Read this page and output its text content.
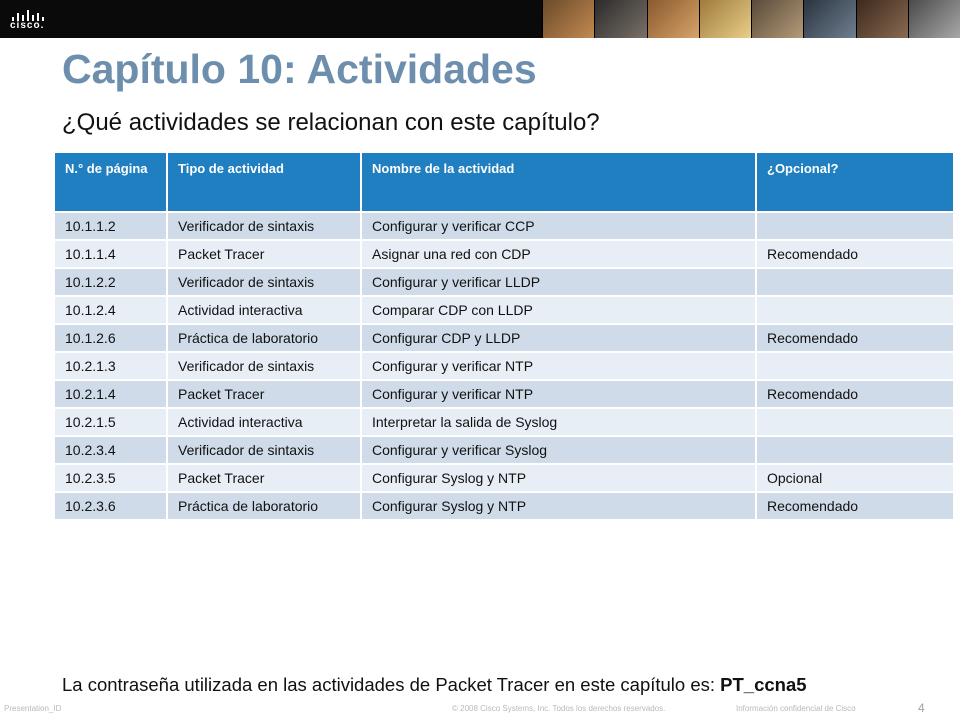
cisco.
Capítulo 10: Actividades

¿Qué actividades se relacionan con este capítulo?

N.° de página	Tipo de actividad	Nombre de la actividad	¿Opcional?
10.1.1.2	Verificador de sintaxis	Configurar y verificar CCP	
10.1.1.4	Packet Tracer	Asignar una red con CDP	Recomendado
10.1.2.2	Verificador de sintaxis	Configurar y verificar LLDP	
10.1.2.4	Actividad interactiva	Comparar CDP con LLDP	
10.1.2.6	Práctica de laboratorio	Configurar CDP y LLDP	Recomendado
10.2.1.3	Verificador de sintaxis	Configurar y verificar NTP	
10.2.1.4	Packet Tracer	Configurar y verificar NTP	Recomendado
10.2.1.5	Actividad interactiva	Interpretar la salida de Syslog	
10.2.3.4	Verificador de sintaxis	Configurar y verificar Syslog	
10.2.3.5	Packet Tracer	Configurar Syslog y NTP	Opcional
10.2.3.6	Práctica de laboratorio	Configurar Syslog y NTP	Recomendado

La contraseña utilizada en las actividades de Packet Tracer en este capítulo es: PT_ccna5

Presentation_ID	© 2008 Cisco Systems, Inc. Todos los derechos reservados.	Información confidencial de Cisco	4
